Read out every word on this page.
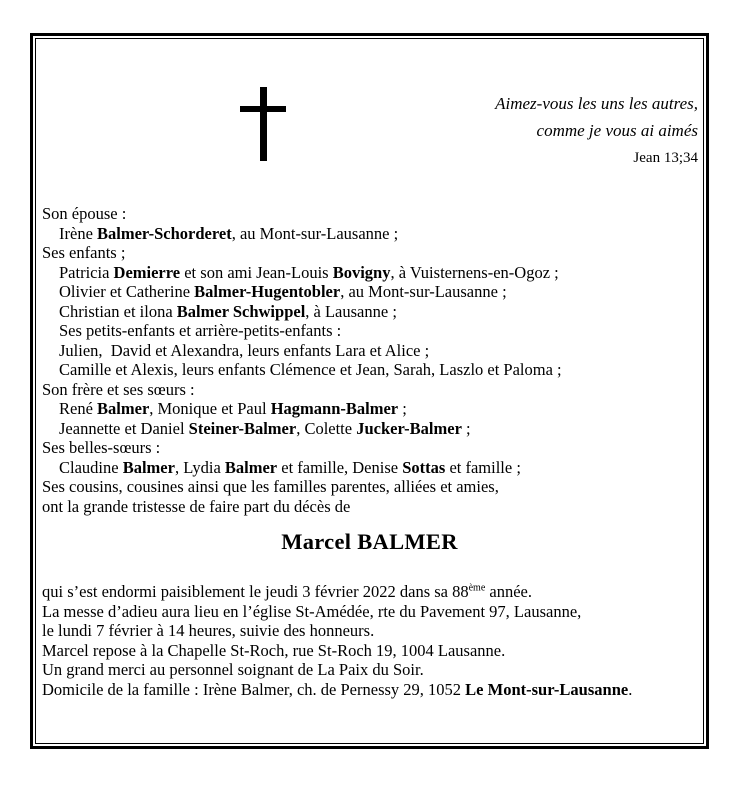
Aimez-vous les uns les autres,
comme je vous ai aimés
Jean 13;34
Son épouse :
Irène Balmer-Schorderet, au Mont-sur-Lausanne ;
Ses enfants ;
Patricia Demierre et son ami Jean-Louis Bovigny, à Vuisternens-en-Ogoz ;
Olivier et Catherine Balmer-Hugentobler, au Mont-sur-Lausanne ;
Christian et ilona Balmer Schwippel, à Lausanne ;
Ses petits-enfants et arrière-petits-enfants :
Julien,  David et Alexandra, leurs enfants Lara et Alice ;
Camille et Alexis, leurs enfants Clémence et Jean, Sarah, Laszlo et Paloma ;
Son frère et ses sœurs :
René Balmer, Monique et Paul Hagmann-Balmer ;
Jeannette et Daniel Steiner-Balmer, Colette Jucker-Balmer ;
Ses belles-sœurs :
Claudine Balmer, Lydia Balmer et famille, Denise Sottas et famille ;
Ses cousins, cousines ainsi que les familles parentes, alliées et amies,
ont la grande tristesse de faire part du décès de
Marcel BALMER
qui s’est endormi paisiblement le jeudi 3 février 2022 dans sa 88ème année.
La messe d’adieu aura lieu en l’église St-Amédée, rte du Pavement 97, Lausanne,
le lundi 7 février à 14 heures, suivie des honneurs.
Marcel repose à la Chapelle St-Roch, rue St-Roch 19, 1004 Lausanne.
Un grand merci au personnel soignant de La Paix du Soir.
Domicile de la famille : Irène Balmer, ch. de Pernessy 29, 1052 Le Mont-sur-Lausanne.
